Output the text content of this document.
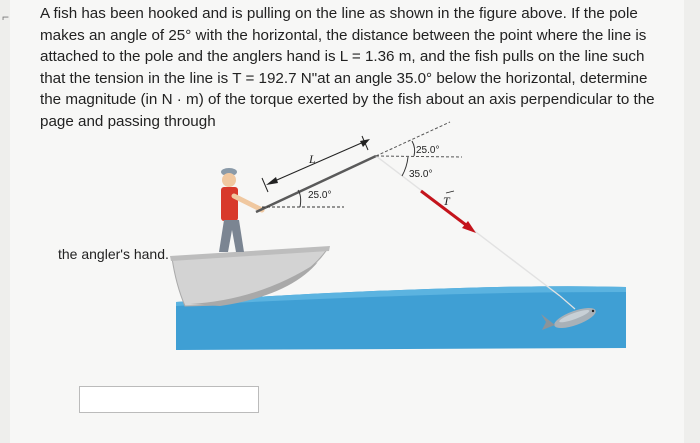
⌐ A fish has been hooked and is pulling on the line as shown in the figure above. If the pole makes an angle of 25° with the horizontal, the distance between the point where the line is attached to the pole and the anglers hand is L = 1.36 m, and the fish pulls on the line such that the tension in the line is T = 192.7 N"at an angle 35.0° below the horizontal, determine the magnitude (in N · m) of the torque exerted by the fish about an axis perpendicular to the page and passing through
L
25.0°
25.0°
35.0°
T
the angler's hand.
